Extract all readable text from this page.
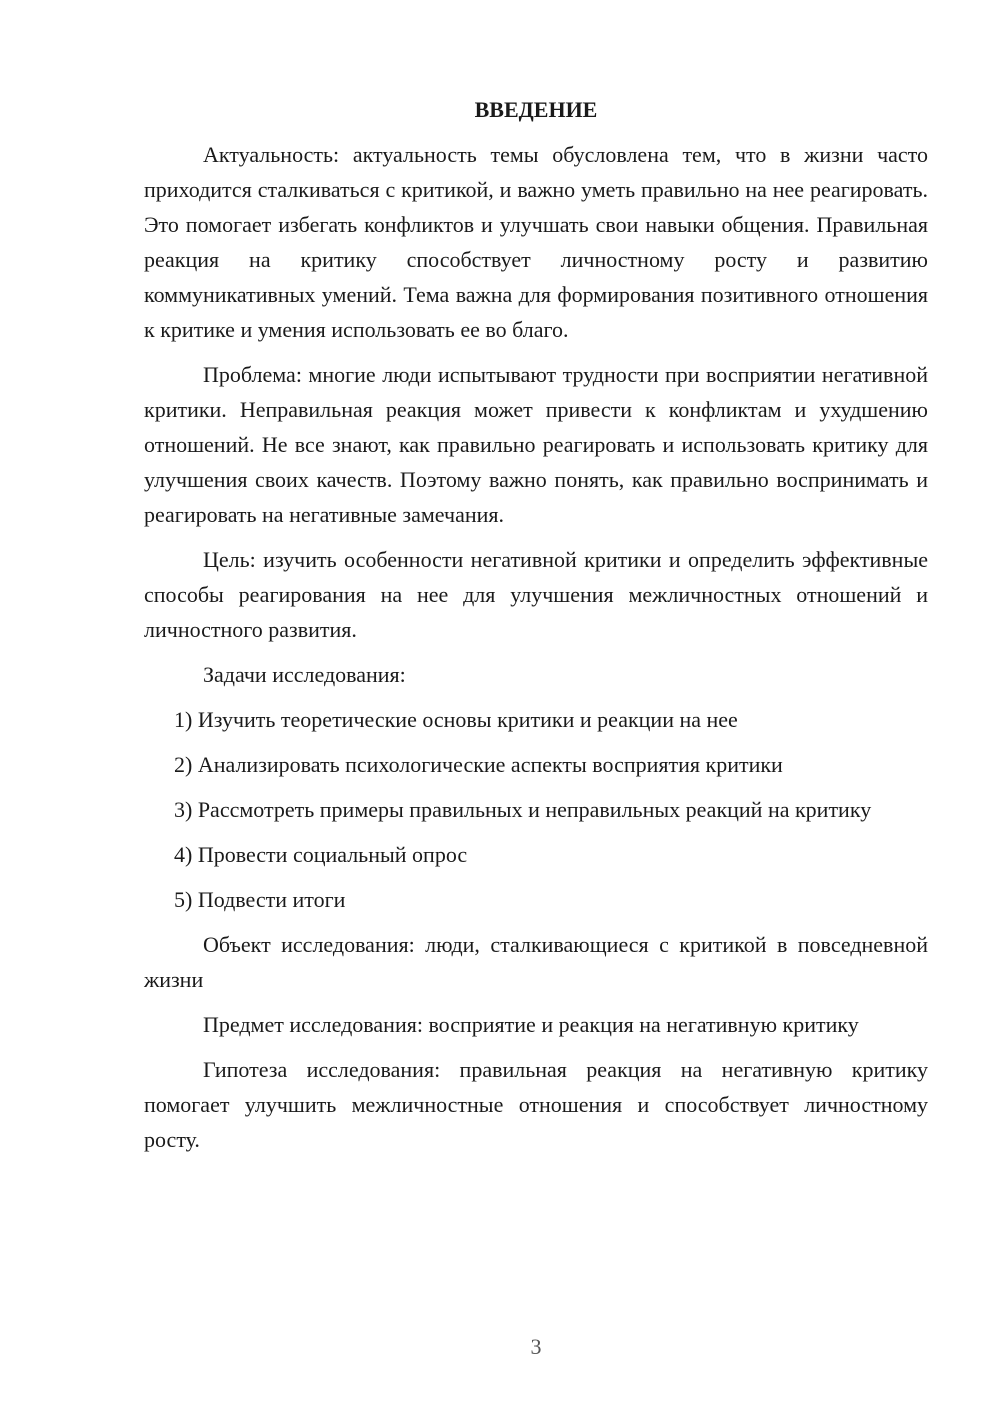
ВВЕДЕНИЕ
Актуальность: актуальность темы обусловлена тем, что в жизни часто приходится сталкиваться с критикой, и важно уметь правильно на нее реагировать. Это помогает избегать конфликтов и улучшать свои навыки общения. Правильная реакция на критику способствует личностному росту и развитию коммуникативных умений. Тема важна для формирования позитивного отношения к критике и умения использовать ее во благо.
Проблема: многие люди испытывают трудности при восприятии негативной критики. Неправильная реакция может привести к конфликтам и ухудшению отношений. Не все знают, как правильно реагировать и использовать критику для улучшения своих качеств. Поэтому важно понять, как правильно воспринимать и реагировать на негативные замечания.
Цель: изучить особенности негативной критики и определить эффективные способы реагирования на нее для улучшения межличностных отношений и личностного развития.
Задачи исследования:
1) Изучить теоретические основы критики и реакции на нее
2) Анализировать психологические аспекты восприятия критики
3) Рассмотреть примеры правильных и неправильных реакций на критику
4) Провести социальный опрос
5) Подвести итоги
Объект исследования: люди, сталкивающиеся с критикой в повседневной жизни
Предмет исследования: восприятие и реакция на негативную критику
Гипотеза исследования: правильная реакция на негативную критику помогает улучшить межличностные отношения и способствует личностному росту.
3
